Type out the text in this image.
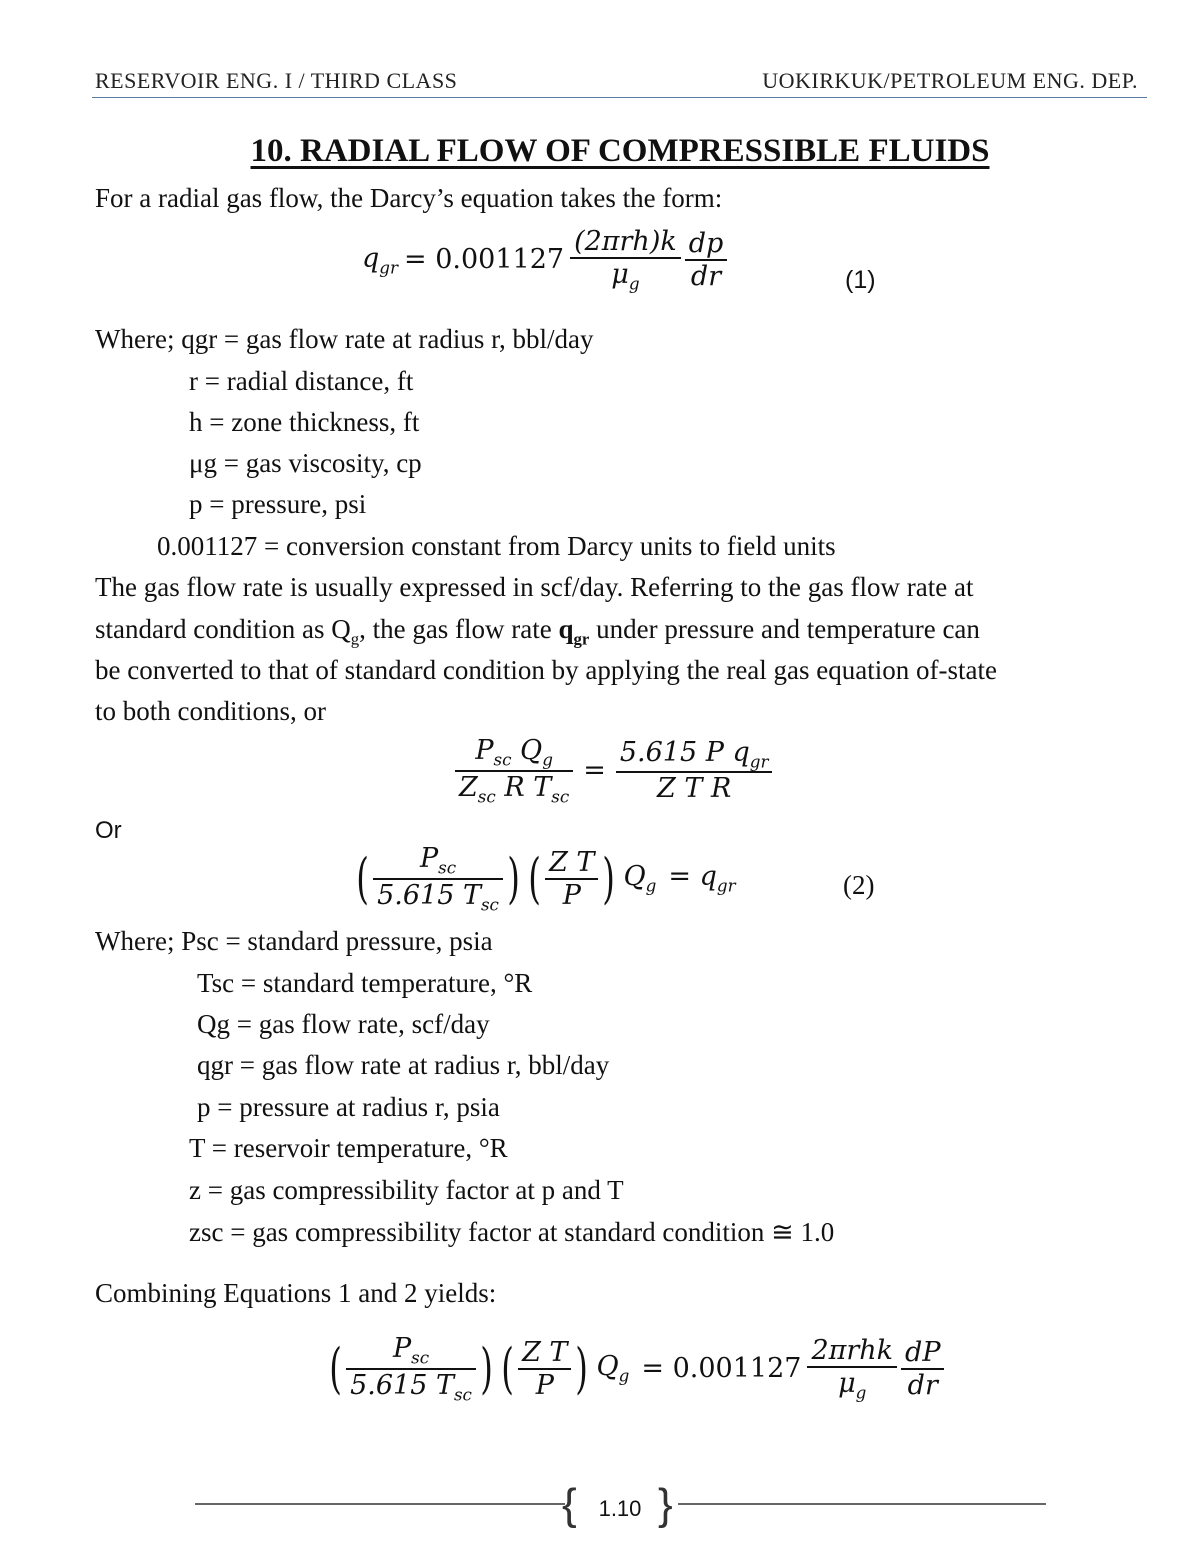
RESERVOIR ENG. I / THIRD CLASS	UOKIRKUK/PETROLEUM ENG. DEP.
10. RADIAL FLOW OF COMPRESSIBLE FLUIDS
For a radial gas flow, the Darcy’s equation takes the form:
$q_{gr} = 0.001127 \frac{\text{(2πrh)k}}{\mu_g} \frac{dp}{dr}$	(1)
Where; qgr = gas flow rate at radius r, bbl/day
r = radial distance, ft
h = zone thickness, ft
μg = gas viscosity, cp
p = pressure, psi
0.001127 = conversion constant from Darcy units to field units
The gas flow rate is usually expressed in scf/day. Referring to the gas flow rate at
standard condition as $Q_g$, the gas flow rate $q_{gr}$ under pressure and temperature can
be converted to that of standard condition by applying the real gas equation of-state
to both conditions, or
$\frac{P_{sc} Q_g}{Z_{sc} R T_{sc}} = \frac{5.615 P q_{gr}}{\text{Z T R}}$
Or
( $\frac{P_{sc}}{5.615 T_{sc}}$ ) ( $\frac{\text{Z T}}{P}$ ) $Q_g = q_{gr}$	(2)
Where; Psc = standard pressure, psia
Tsc = standard temperature, °R
Qg = gas flow rate, scf/day
qgr = gas flow rate at radius r, bbl/day
p = pressure at radius r, psia
T = reservoir temperature, °R
z = gas compressibility factor at p and T
zsc = gas compressibility factor at standard condition ≅ 1.0
Combining Equations 1 and 2 yields:
( $\frac{P_{sc}}{5.615 T_{sc}}$ ) ( $\frac{\text{Z T}}{P}$ ) $Q_g = 0.001127 \frac{\text{2πrhk}}{\mu_g} \frac{dP}{dr}$
{ 1.10 }
